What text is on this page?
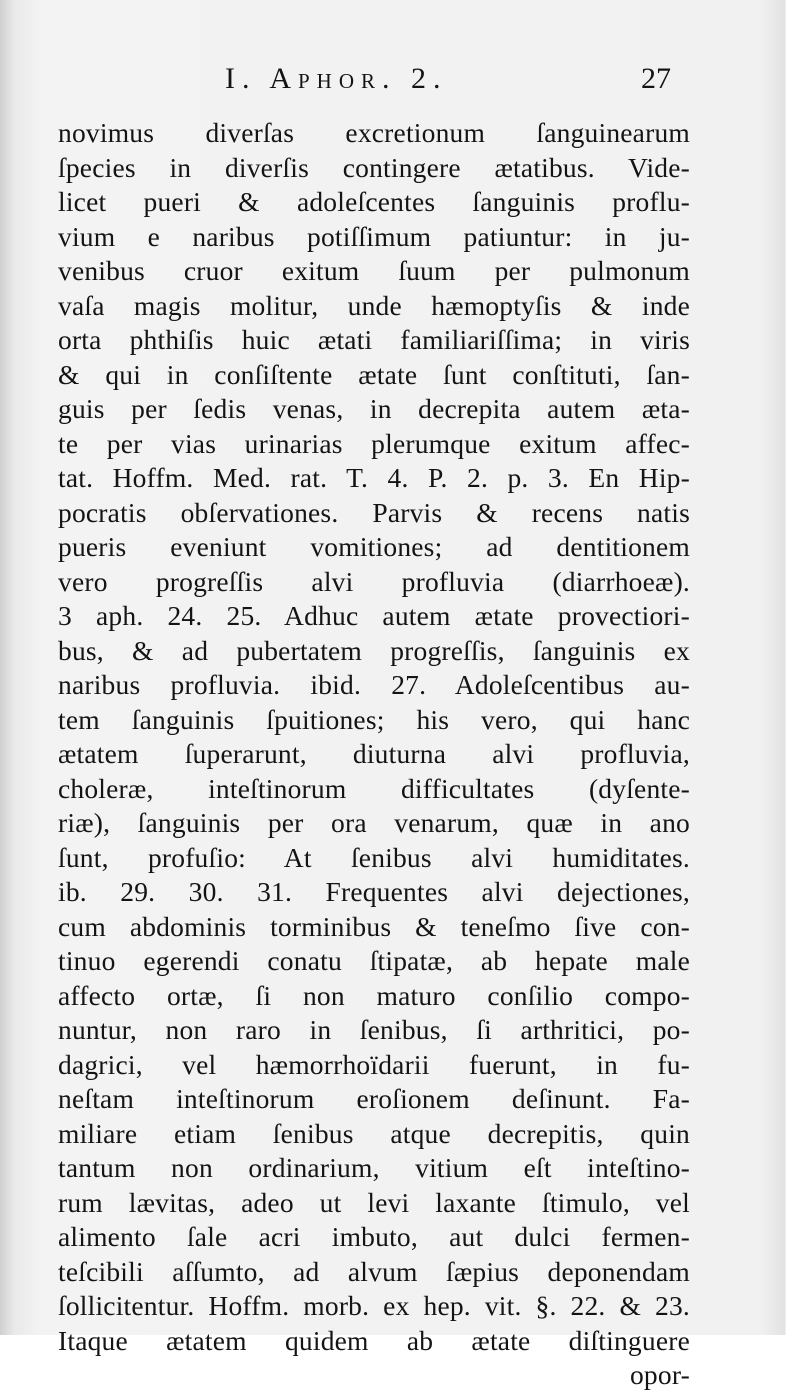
I. Aphor. 2.	27
novimus diverſas excretionum ſanguinearum
ſpecies in diverſis contingere ætatibus. Vide-
licet pueri & adoleſcentes ſanguinis proflu-
vium e naribus potiſſimum patiuntur: in ju-
venibus cruor exitum ſuum per pulmonum
vaſa magis molitur, unde hæmoptyſis & inde
orta phthiſis huic ætati familiariſſima; in viris
& qui in conſiſtente ætate ſunt conſtituti, ſan-
guis per ſedis venas, in decrepita autem æta-
te per vias urinarias plerumque exitum affec-
tat. Hoffm. Med. rat. T. 4. P. 2. p. 3. En Hip-
pocratis obſervationes. Parvis & recens natis
pueris eveniunt vomitiones; ad dentitionem
vero progreſſis alvi profluvia (diarrhoeæ).
3 aph. 24. 25. Adhuc autem ætate provectiori-
bus, & ad pubertatem progreſſis, ſanguinis ex
naribus profluvia. ibid. 27. Adoleſcentibus au-
tem ſanguinis ſpuitiones; his vero, qui hanc
ætatem ſuperarunt, diuturna alvi profluvia,
choleræ, inteſtinorum difficultates (dyſente-
riæ), ſanguinis per ora venarum, quæ in ano
ſunt, profuſio: At ſenibus alvi humiditates.
ib. 29. 30. 31. Frequentes alvi dejectiones,
cum abdominis torminibus & teneſmo ſive con-
tinuo egerendi conatu ſtipatæ, ab hepate male
affecto ortæ, ſi non maturo conſilio compo-
nuntur, non raro in ſenibus, ſi arthritici, po-
dagrici, vel hæmorrhoïdarii fuerunt, in fu-
neſtam inteſtinorum eroſionem deſinunt. Fa-
miliare etiam ſenibus atque decrepitis, quin
tantum non ordinarium, vitium eſt inteſtino-
rum lævitas, adeo ut levi laxante ſtimulo, vel
alimento ſale acri imbuto, aut dulci fermen-
teſcibili aſſumto, ad alvum ſæpius deponendam
ſollicitentur. Hoffm. morb. ex hep. vit. §. 22. & 23.
Itaque ætatem quidem ab ætate diſtinguere
opor-
